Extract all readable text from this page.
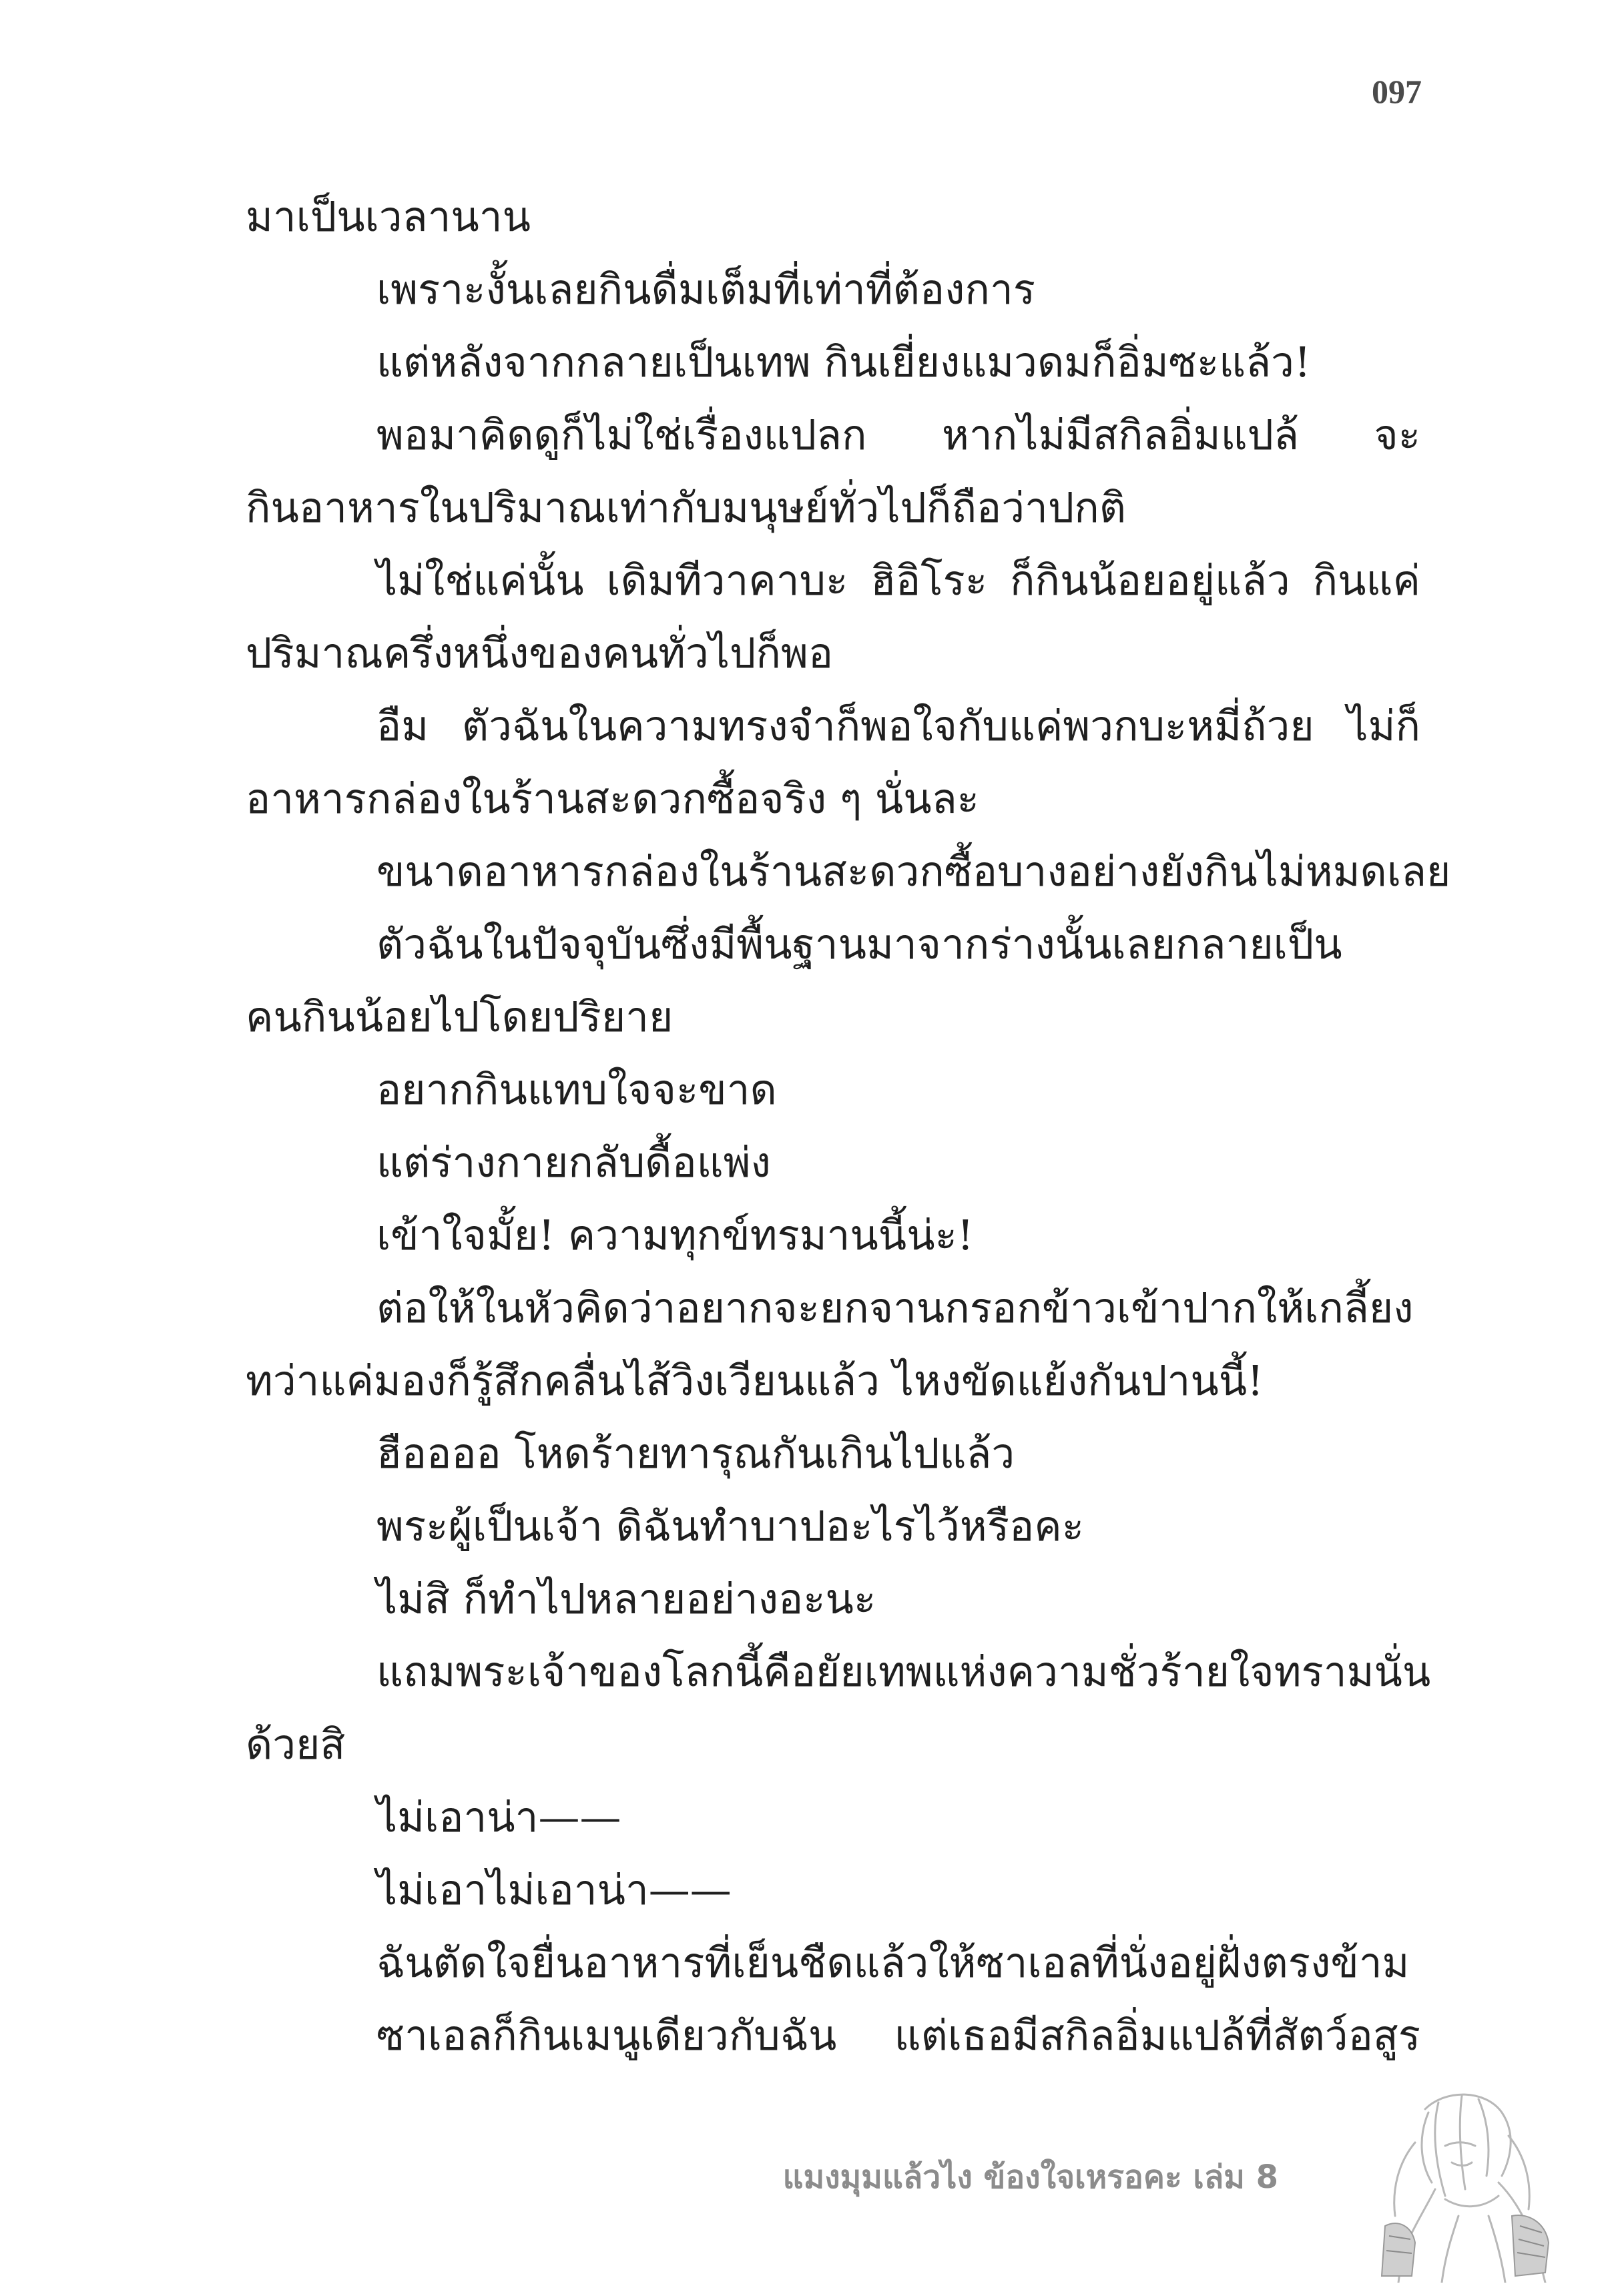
097
มาเป็นเวลานาน
เพราะงั้นเลยกินดื่มเต็มที่เท่าที่ต้องการ
แต่หลังจากกลายเป็นเทพ กินเยี่ยงแมวดมก็อิ่มซะแล้ว!
พอมาคิดดูก็ไม่ใช่เรื่องแปลก หากไม่มีสกิลอิ่มแปล้ จะ
กินอาหารในปริมาณเท่ากับมนุษย์ทั่วไปก็ถือว่าปกติ
ไม่ใช่แค่นั้น เดิมทีวาคาบะ ฮิอิโระ ก็กินน้อยอยู่แล้ว กินแค่
ปริมาณครึ่งหนึ่งของคนทั่วไปก็พอ
อืม ตัวฉันในความทรงจำก็พอใจกับแค่พวกบะหมี่ถ้วย ไม่ก็
อาหารกล่องในร้านสะดวกซื้อจริง ๆ นั่นละ
ขนาดอาหารกล่องในร้านสะดวกซื้อบางอย่างยังกินไม่หมดเลย
ตัวฉันในปัจจุบันซึ่งมีพื้นฐานมาจากร่างนั้นเลยกลายเป็น
คนกินน้อยไปโดยปริยาย
อยากกินแทบใจจะขาด
แต่ร่างกายกลับดื้อแพ่ง
เข้าใจมั้ย! ความทุกข์ทรมานนี้น่ะ!
ต่อให้ในหัวคิดว่าอยากจะยกจานกรอกข้าวเข้าปากให้เกลี้ยง
ทว่าแค่มองก็รู้สึกคลื่นไส้วิงเวียนแล้ว ไหงขัดแย้งกันปานนี้!
ฮืออออ โหดร้ายทารุณกันเกินไปแล้ว
พระผู้เป็นเจ้า ดิฉันทำบาปอะไรไว้หรือคะ
ไม่สิ ก็ทำไปหลายอย่างอะนะ
แถมพระเจ้าของโลกนี้คือยัยเทพแห่งความชั่วร้ายใจทรามนั่น
ด้วยสิ
ไม่เอาน่า——
ไม่เอาไม่เอาน่า——
ฉันตัดใจยื่นอาหารที่เย็นชืดแล้วให้ซาเอลที่นั่งอยู่ฝั่งตรงข้าม
ซาเอลก็กินเมนูเดียวกับฉัน แต่เธอมีสกิลอิ่มแปล้ที่สัตว์อสูร
แมงมุมแล้วไง ข้องใจเหรอคะ เล่ม 8
